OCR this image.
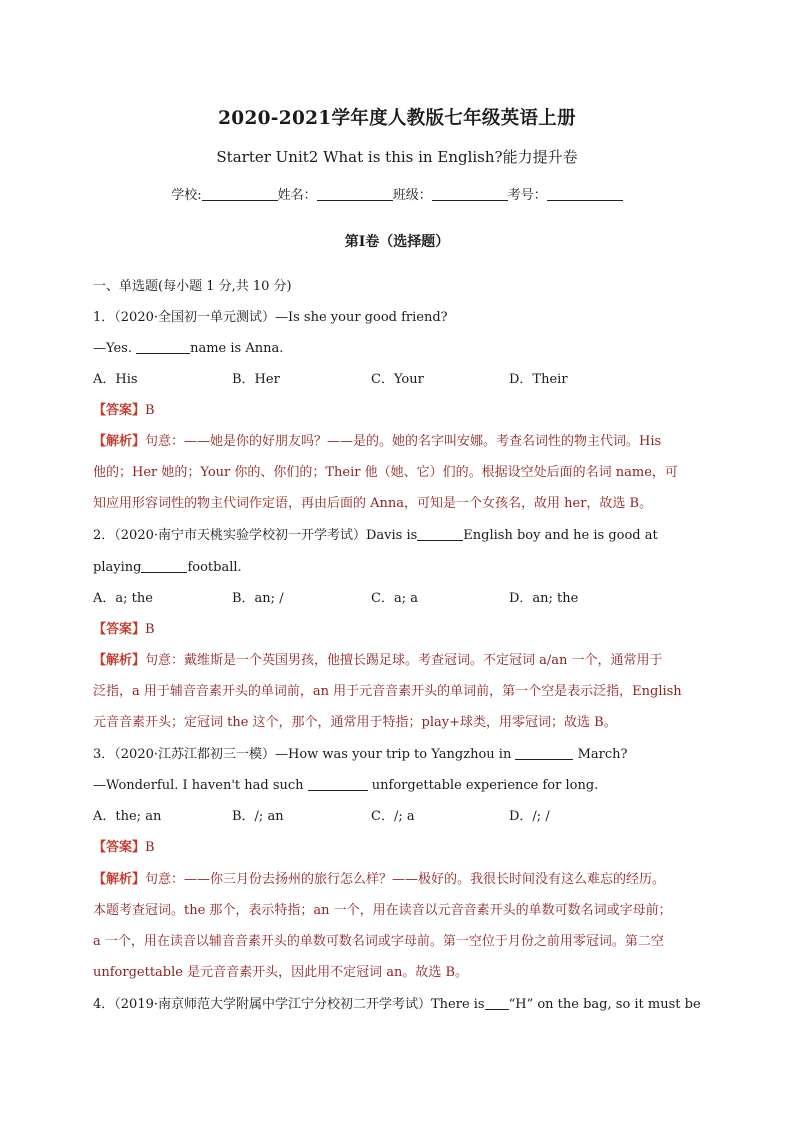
2020-2021学年度人教版七年级英语上册
Starter Unit2 What is this in English?能力提升卷
学校:	姓名：	班级：	考号：
第I卷（选择题）
一、单选题(每小题 1 分,共 10 分)
1．（2020·全国初一单元测试）—Is she your good friend?
—Yes.	name is Anna.
A．His	B．Her	C．Your	D．Their
【答案】B
【解析】句意：——她是你的好朋友吗？——是的。她的名字叫安娜。考查名词性的物主代词。His
他的；Her 她的；Your 你的、你们的；Their 他（她、它）们的。根据设空处后面的名词 name，可
知应用形容词性的物主代词作定语，再由后面的 Anna，可知是一个女孩名，故用 her，故选 B。
2．（2020·南宁市天桃实验学校初一开学考试）Davis is	English boy and he is good at
playing	football.
A．a; the	B．an; /	C．a; a	D．an; the
【答案】B
【解析】句意：戴维斯是一个英国男孩，他擅长踢足球。考查冠词。不定冠词 a/an 一个，通常用于
泛指，a 用于辅音音素开头的单词前，an 用于元音音素开头的单词前，第一个空是表示泛指，English
元音音素开头；定冠词 the 这个，那个，通常用于特指；play+球类，用零冠词；故选 B。
3．（2020·江苏江都初三一模）—How was your trip to Yangzhou in	March?
—Wonderful. I haven't had such	unforgettable experience for long.
A．the; an	B．/; an	C．/; a	D．/; /
【答案】B
【解析】句意：——你三月份去扬州的旅行怎么样？——极好的。我很长时间没有这么难忘的经历。
本题考查冠词。the 那个，表示特指；an 一个，用在读音以元音音素开头的单数可数名词或字母前；
a 一个，用在读音以辅音音素开头的单数可数名词或字母前。第一空位于月份之前用零冠词。第二空
unforgettable 是元音音素开头，因此用不定冠词 an。故选 B。
4．（2019·南京师范大学附属中学江宁分校初二开学考试）There is “H” on the bag, so it must be
